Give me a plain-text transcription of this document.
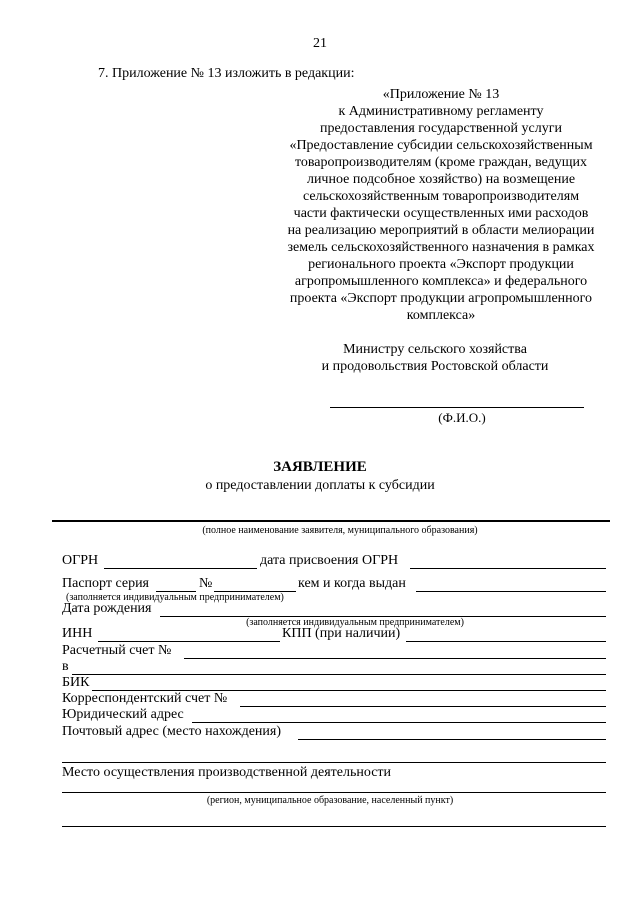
21
7. Приложение № 13 изложить в редакции:
«Приложение № 13
к Административному регламенту
предоставления государственной услуги
«Предоставление субсидии сельскохозяйственным
товаропроизводителям (кроме граждан, ведущих
личное подсобное хозяйство) на возмещение
сельскохозяйственным товаропроизводителям
части фактически осуществленных ими расходов
на реализацию мероприятий в области мелиорации
земель сельскохозяйственного назначения в рамках
регионального проекта «Экспорт продукции
агропромышленного комплекса» и федерального
проекта «Экспорт продукции агропромышленного
комплекса»
Министру сельского хозяйства
и продовольствия Ростовской области
(Ф.И.О.)
ЗАЯВЛЕНИЕ
о предоставлении доплаты к субсидии
(полное наименование заявителя, муниципального образования)
ОГРН	дата присвоения ОГРН
Паспорт серия	№	кем и когда выдан
(заполняется индивидуальным предпринимателем)
Дата рождения
(заполняется индивидуальным предпринимателем)
ИНН	КПП (при наличии)
Расчетный счет №
в
БИК
Корреспондентский счет №
Юридический адрес
Почтовый адрес (место нахождения)
Место осуществления производственной деятельности
(регион, муниципальное образование, населенный пункт)
